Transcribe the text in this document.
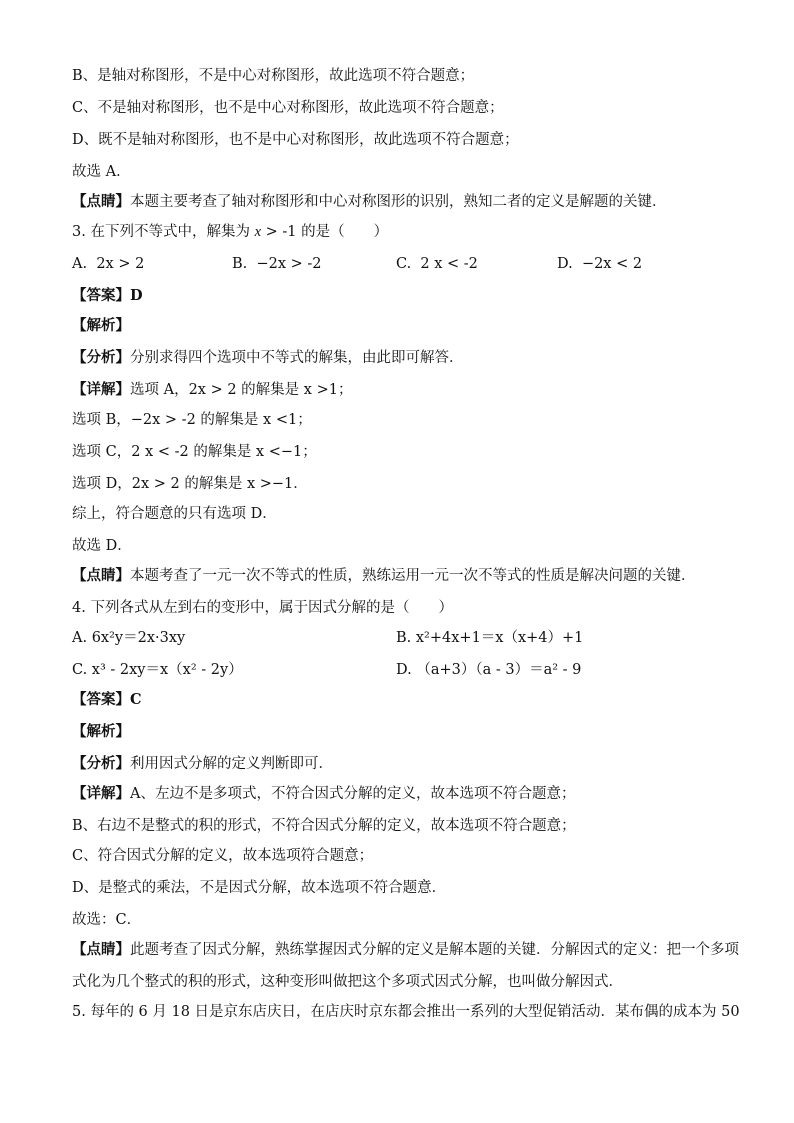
B、是轴对称图形，不是中心对称图形，故此选项不符合题意；
C、不是轴对称图形，也不是中心对称图形，故此选项不符合题意；
D、既不是轴对称图形，也不是中心对称图形，故此选项不符合题意；
故选 A．
【点睛】本题主要考查了轴对称图形和中心对称图形的识别，熟知二者的定义是解题的关键．
3. 在下列不等式中，解集为 x > -1 的是（　　）
A. 2x > 2	B. −2x > -2	C. 2 x < -2	D. −2x < 2
【答案】D
【解析】
【分析】分别求得四个选项中不等式的解集，由此即可解答．
【详解】选项 A，2x > 2 的解集是 x >1；
选项 B，−2x > -2 的解集是 x <1；
选项 C，2 x < -2 的解集是 x <−1；
选项 D，2x > 2 的解集是 x >−1．
综上，符合题意的只有选项 D．
故选 D．
【点睛】本题考查了一元一次不等式的性质，熟练运用一元一次不等式的性质是解决问题的关键．
4. 下列各式从左到右的变形中，属于因式分解的是（　　）
A. 6x²y＝2x·3xy	B. x²+4x+1＝x（x+4）+1
C. x³ - 2xy＝x（x² - 2y）	D. （a+3）（a - 3）＝a² - 9
【答案】C
【解析】
【分析】利用因式分解的定义判断即可．
【详解】A、左边不是多项式，不符合因式分解的定义，故本选项不符合题意；
B、右边不是整式的积的形式，不符合因式分解的定义，故本选项不符合题意；
C、符合因式分解的定义，故本选项符合题意；
D、是整式的乘法，不是因式分解，故本选项不符合题意．
故选：C．
【点睛】此题考查了因式分解，熟练掌握因式分解的定义是解本题的关键．分解因式的定义：把一个多项
式化为几个整式的积的形式，这种变形叫做把这个多项式因式分解，也叫做分解因式．
5. 每年的 6 月 18 日是京东店庆日，在店庆时京东都会推出一系列的大型促销活动．某布偶的成本为 50
